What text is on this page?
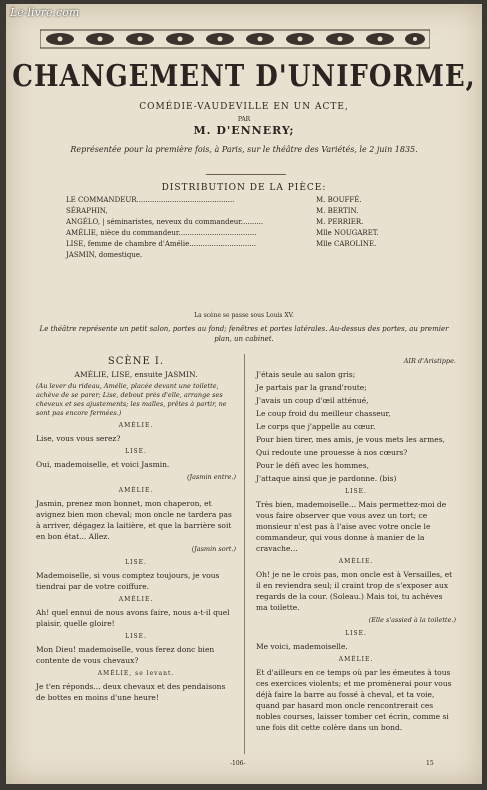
Le-livre.com
CHANGEMENT D'UNIFORME,
COMÉDIE-VAUDEVILLE EN UN ACTE,
PAR
M. D'ENNERY;
Représentée pour la première fois, à Paris, sur le théâtre des Variétés, le 2 juin 1835.
DISTRIBUTION DE LA PIÈCE:
LE COMMANDEUR............................................	M. BOUFFÉ.
SÉRAPHIN,	M. BERTIN.
ANGÉLO, | séminaristes, neveux du commandeur..........	M. PERRIER.
AMÉLIE, nièce du commandeur...................................	Mlle NOUGARET.
LISE, femme de chambre d'Amélie..............................	Mlle CAROLINE.
JASMIN, domestique.
La scène se passe sous Louis XV.
Le théâtre représente un petit salon, portes au fond; fenêtres et portes latérales. Au-dessus des portes, au premier plan, un cabinet.
SCÈNE I.
AMÉLIE, LISE, ensuite JASMIN.
(Au lever du rideau, Amélie, placée devant une toilette, achève de se parer; Lise, debout près d'elle, arrange ses cheveux et ses ajustements; les malles, prêtes à partir, ne sont pas encore fermées.)
AMÉLIE.
Lise, vous vous serez?
LISE.
Oui, mademoiselle, et voici Jasmin.
(Jasmin entre.)
AMÉLIE.
Jasmin, prenez mon bonnet, mon chaperon, et avignez bien mon cheval; mon oncle ne tardera pas à arriver, dégagez la laitière, et que la barrière soit en bon état... Allez.
(Jasmin sort.)
LISE.
Mademoiselle, si vous comptez toujours, je vous tiendrai par de votre coiffure.
AMÉLIE.
Ah! quel ennui de nous avons faire, nous a-t-il quel plaisir, quelle gloire!
LISE.
Mon Dieu! mademoiselle, vous ferez donc bien contente de vous chevaux?
AMÉLIE, se levant.
Je t'en réponds... deux chevaux et des pendaisons de bottes en moins d'une heure!
AIR d'Aristippe.
J'étais seule au salon gris;
Je partais par la grand'route;
J'avais un coup d'œil atténué,
Le coup froid du meilleur chasseur,
Le corps que j'appelle au cœur.
Pour bien tirer, mes amis, je vous mets les armes,
Qui redoute une prouesse à nos cœurs?
Pour le défi avec les hommes,
J'attaque ainsi que je pardonne. (bis)
LISE.
Très bien, mademoiselle... Mais permettez-moi de vous faire observer que vous avez un tort; ce monsieur n'est pas à l'aise avec votre oncle le commandeur, qui vous donne à manier de la cravache...
AMÉLIE.
Oh! je ne le crois pas, mon oncle est à Versailles, et il en reviendra seul; il craint trop de s'exposer aux regards de la cour. (Soleau.) Mais toi, tu achèves ma toilette.
(Elle s'assied à la toilette.)
LISE.
Me voici, mademoiselle.
AMÉLIE.
Et d'ailleurs en ce temps où par les émeutes à tous ces exercices violents; et me promènerai pour vous déjà faire la barre au fossé à cheval, et ta voie, quand par hasard mon oncle rencontrerait ces nobles courses, laisser tomber cet écrin, comme si une fois dit cette colère dans un bond.
-106-	15
